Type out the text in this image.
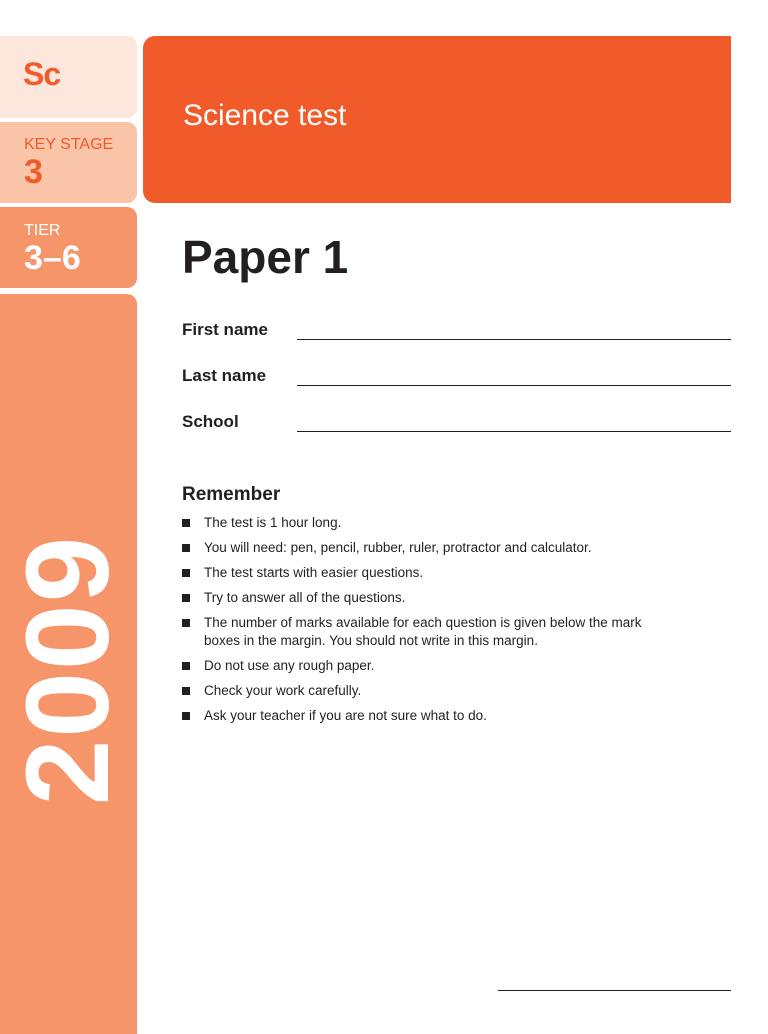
Sc
KEY STAGE
3
TIER
3–6
2009
Science test
Paper 1
First name
Last name
School
Remember
The test is 1 hour long.
You will need: pen, pencil, rubber, ruler, protractor and calculator.
The test starts with easier questions.
Try to answer all of the questions.
The number of marks available for each question is given below the mark boxes in the margin. You should not write in this margin.
Do not use any rough paper.
Check your work carefully.
Ask your teacher if you are not sure what to do.
